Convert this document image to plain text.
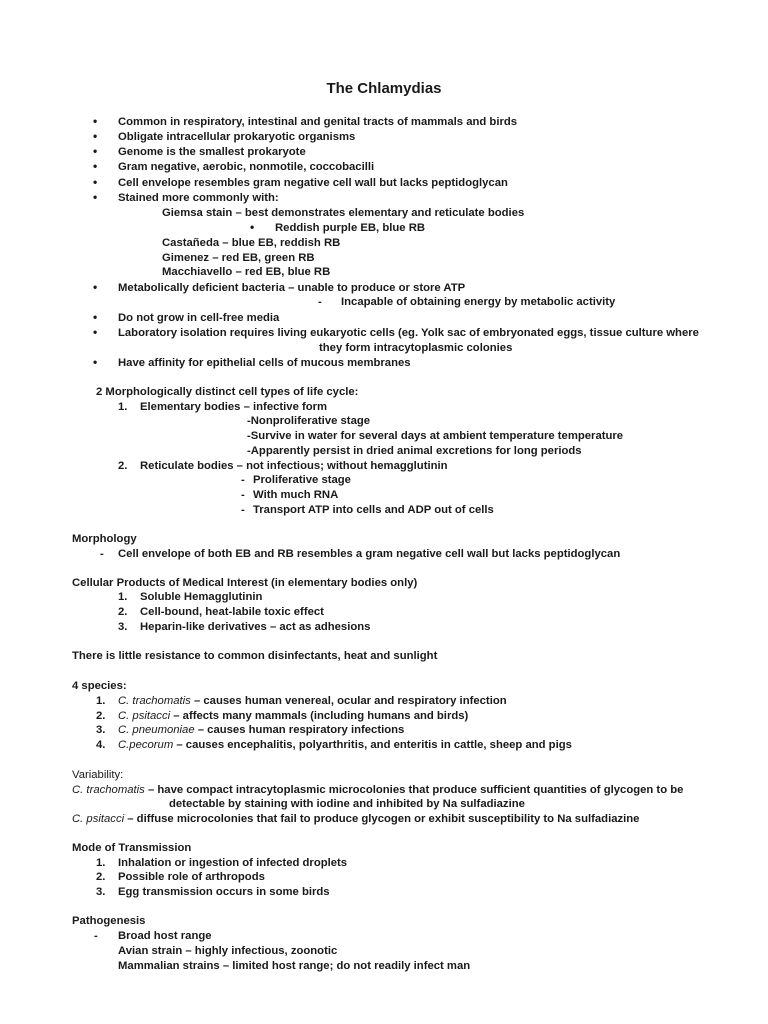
The Chlamydias
• Common in respiratory, intestinal and genital tracts of mammals and birds
• Obligate intracellular prokaryotic organisms
• Genome is the smallest prokaryote
• Gram negative, aerobic, nonmotile, coccobacilli
• Cell envelope resembles gram negative cell wall but lacks peptidoglycan
• Stained more commonly with:
Giemsa stain – best demonstrates elementary and reticulate bodies
• Reddish purple EB, blue RB
Castañeda – blue EB, reddish RB
Gimenez – red EB, green RB
Macchiavello – red EB, blue RB
• Metabolically deficient bacteria – unable to produce or store ATP
- Incapable of obtaining energy by metabolic activity
• Do not grow in cell-free media
• Laboratory isolation requires living eukaryotic cells (eg. Yolk sac of embryonated eggs, tissue culture where
they form intracytoplasmic colonies
• Have affinity for epithelial cells of mucous membranes
2 Morphologically distinct cell types of life cycle:
1. Elementary bodies – infective form
-Nonproliferative stage
-Survive in water for several days at ambient temperature temperature
-Apparently persist in dried animal excretions for long periods
2. Reticulate bodies – not infectious; without hemagglutinin
- Proliferative stage
- With much RNA
- Transport ATP into cells and ADP out of cells
Morphology
- Cell envelope of both EB and RB resembles a gram negative cell wall but lacks peptidoglycan
Cellular Products of Medical Interest (in elementary bodies only)
1. Soluble Hemagglutinin
2. Cell-bound, heat-labile toxic effect
3. Heparin-like derivatives – act as adhesions
There is little resistance to common disinfectants, heat and sunlight
4 species:
1. C. trachomatis – causes human venereal, ocular and respiratory infection
2. C. psitacci – affects many mammals (including humans and birds)
3. C. pneumoniae – causes human respiratory infections
4. C.pecorum – causes encephalitis, polyarthritis, and enteritis in cattle, sheep and pigs
Variability:
C. trachomatis – have compact intracytoplasmic microcolonies that produce sufficient quantities of glycogen to be
detectable by staining with iodine and inhibited by Na sulfadiazine
C. psitacci – diffuse microcolonies that fail to produce glycogen or exhibit susceptibility to Na sulfadiazine
Mode of Transmission
1. Inhalation or ingestion of infected droplets
2. Possible role of arthropods
3. Egg transmission occurs in some birds
Pathogenesis
- Broad host range
Avian strain – highly infectious, zoonotic
Mammalian strains – limited host range; do not readily infect man
